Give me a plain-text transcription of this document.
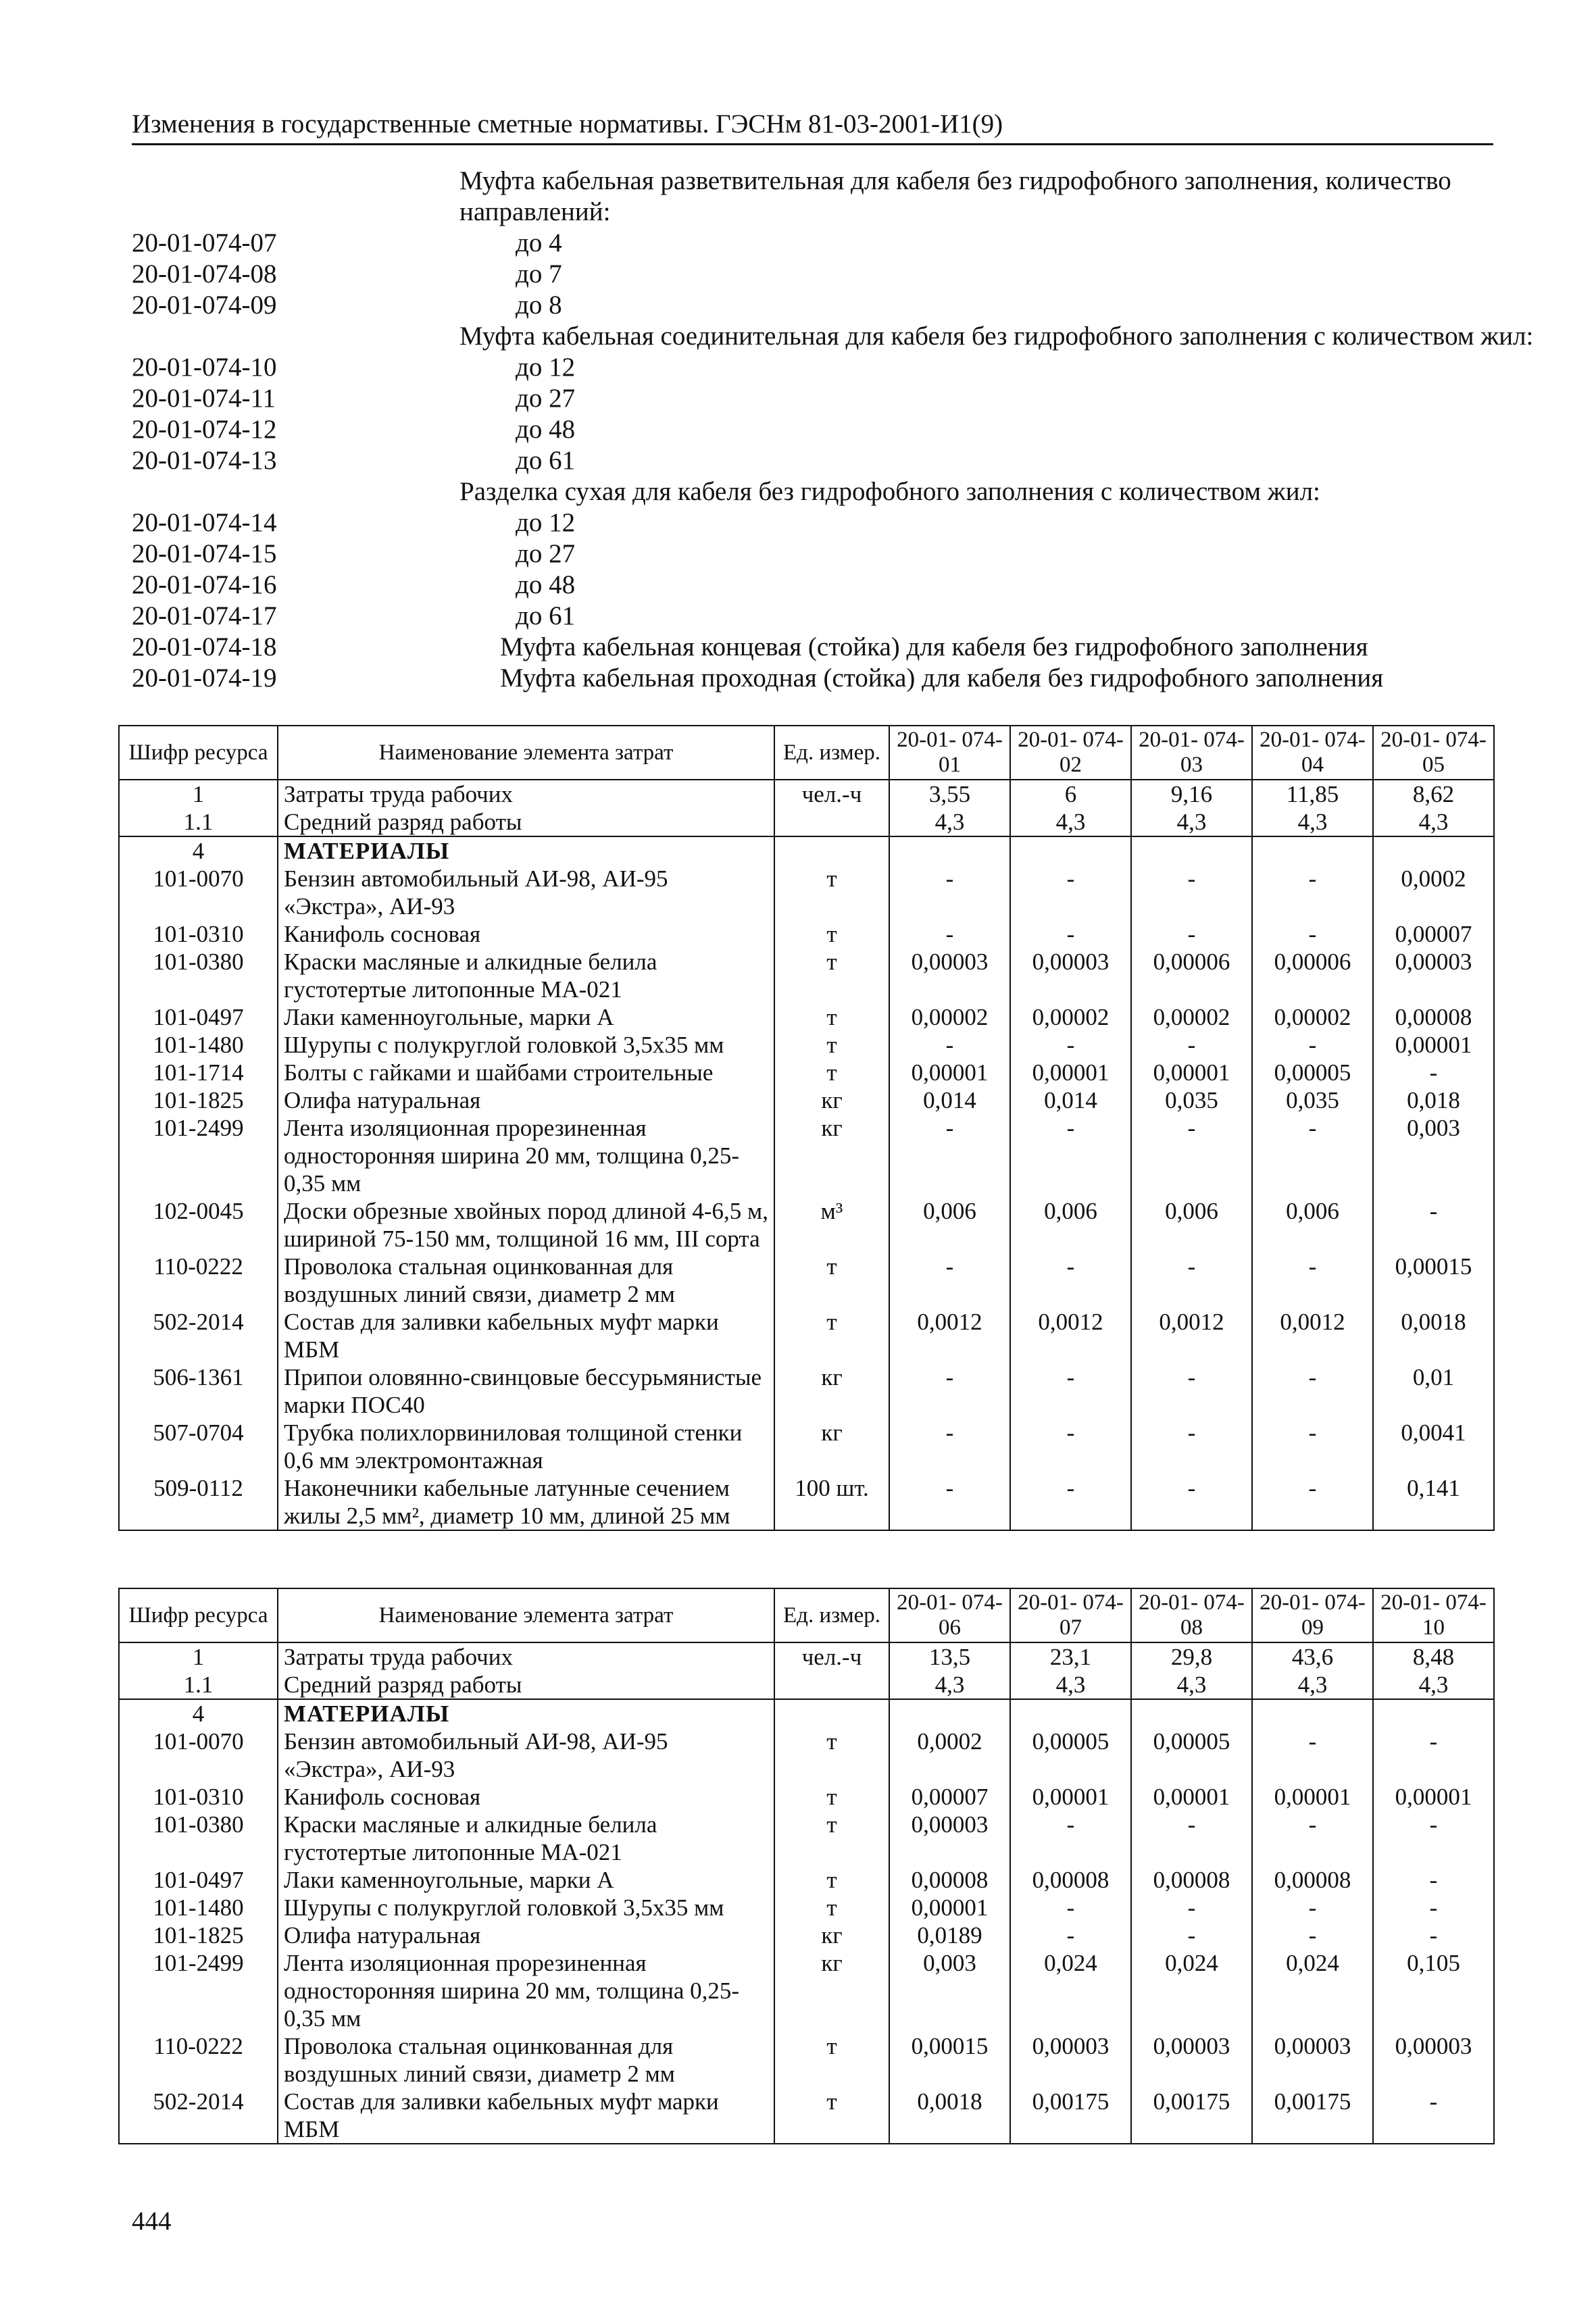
Изменения в государственные сметные нормативы. ГЭСНм 81-03-2001-И1(9)
Муфта кабельная разветвительная для кабеля без гидрофобного заполнения, количество
направлений:
20-01-074-07	до 4
20-01-074-08	до 7
20-01-074-09	до 8
Муфта кабельная соединительная для кабеля без гидрофобного заполнения с количеством жил:
20-01-074-10	до 12
20-01-074-11	до 27
20-01-074-12	до 48
20-01-074-13	до 61
Разделка сухая для кабеля без гидрофобного заполнения с количеством жил:
20-01-074-14	до 12
20-01-074-15	до 27
20-01-074-16	до 48
20-01-074-17	до 61
20-01-074-18	Муфта кабельная концевая (стойка) для кабеля без гидрофобного заполнения
20-01-074-19	Муфта кабельная проходная (стойка) для кабеля без гидрофобного заполнения
Шифр ресурса	Наименование элемента затрат	Ед. измер.	20-01- 074-01	20-01- 074-02	20-01- 074-03	20-01- 074-04	20-01- 074-05
1	Затраты труда рабочих	чел.-ч	3,55	6	9,16	11,85	8,62
1.1	Средний разряд работы		4,3	4,3	4,3	4,3	4,3
4	МАТЕРИАЛЫ						
101-0070	Бензин автомобильный АИ-98, АИ-95 «Экстра», АИ-93	т	-	-	-	-	0,0002
101-0310	Канифоль сосновая	т	-	-	-	-	0,00007
101-0380	Краски масляные и алкидные белила густотертые литопонные МА-021	т	0,00003	0,00003	0,00006	0,00006	0,00003
101-0497	Лаки каменноугольные, марки А	т	0,00002	0,00002	0,00002	0,00002	0,00008
101-1480	Шурупы с полукруглой головкой 3,5х35 мм	т	-	-	-	-	0,00001
101-1714	Болты с гайками и шайбами строительные	т	0,00001	0,00001	0,00001	0,00005	-
101-1825	Олифа натуральная	кг	0,014	0,014	0,035	0,035	0,018
101-2499	Лента изоляционная прорезиненная односторонняя ширина 20 мм, толщина 0,25-0,35 мм	кг	-	-	-	-	0,003
102-0045	Доски обрезные хвойных пород длиной 4-6,5 м, шириной 75-150 мм, толщиной 16 мм, III сорта	м³	0,006	0,006	0,006	0,006	-
110-0222	Проволока стальная оцинкованная для воздушных линий связи, диаметр 2 мм	т	-	-	-	-	0,00015
502-2014	Состав для заливки кабельных муфт марки МБМ	т	0,0012	0,0012	0,0012	0,0012	0,0018
506-1361	Припои оловянно-свинцовые бессурьмянистые марки ПОС40	кг	-	-	-	-	0,01
507-0704	Трубка полихлорвиниловая толщиной стенки 0,6 мм электромонтажная	кг	-	-	-	-	0,0041
509-0112	Наконечники кабельные латунные сечением жилы 2,5 мм², диаметр 10 мм, длиной 25 мм	100 шт.	-	-	-	-	0,141
Шифр ресурса	Наименование элемента затрат	Ед. измер.	20-01- 074-06	20-01- 074-07	20-01- 074-08	20-01- 074-09	20-01- 074-10
1	Затраты труда рабочих	чел.-ч	13,5	23,1	29,8	43,6	8,48
1.1	Средний разряд работы		4,3	4,3	4,3	4,3	4,3
4	МАТЕРИАЛЫ						
101-0070	Бензин автомобильный АИ-98, АИ-95 «Экстра», АИ-93	т	0,0002	0,00005	0,00005	-	-
101-0310	Канифоль сосновая	т	0,00007	0,00001	0,00001	0,00001	0,00001
101-0380	Краски масляные и алкидные белила густотертые литопонные МА-021	т	0,00003	-	-	-	-
101-0497	Лаки каменноугольные, марки А	т	0,00008	0,00008	0,00008	0,00008	-
101-1480	Шурупы с полукруглой головкой 3,5х35 мм	т	0,00001	-	-	-	-
101-1825	Олифа натуральная	кг	0,0189	-	-	-	-
101-2499	Лента изоляционная прорезиненная односторонняя ширина 20 мм, толщина 0,25-0,35 мм	кг	0,003	0,024	0,024	0,024	0,105
110-0222	Проволока стальная оцинкованная для воздушных линий связи, диаметр 2 мм	т	0,00015	0,00003	0,00003	0,00003	0,00003
502-2014	Состав для заливки кабельных муфт марки МБМ	т	0,0018	0,00175	0,00175	0,00175	-
444
